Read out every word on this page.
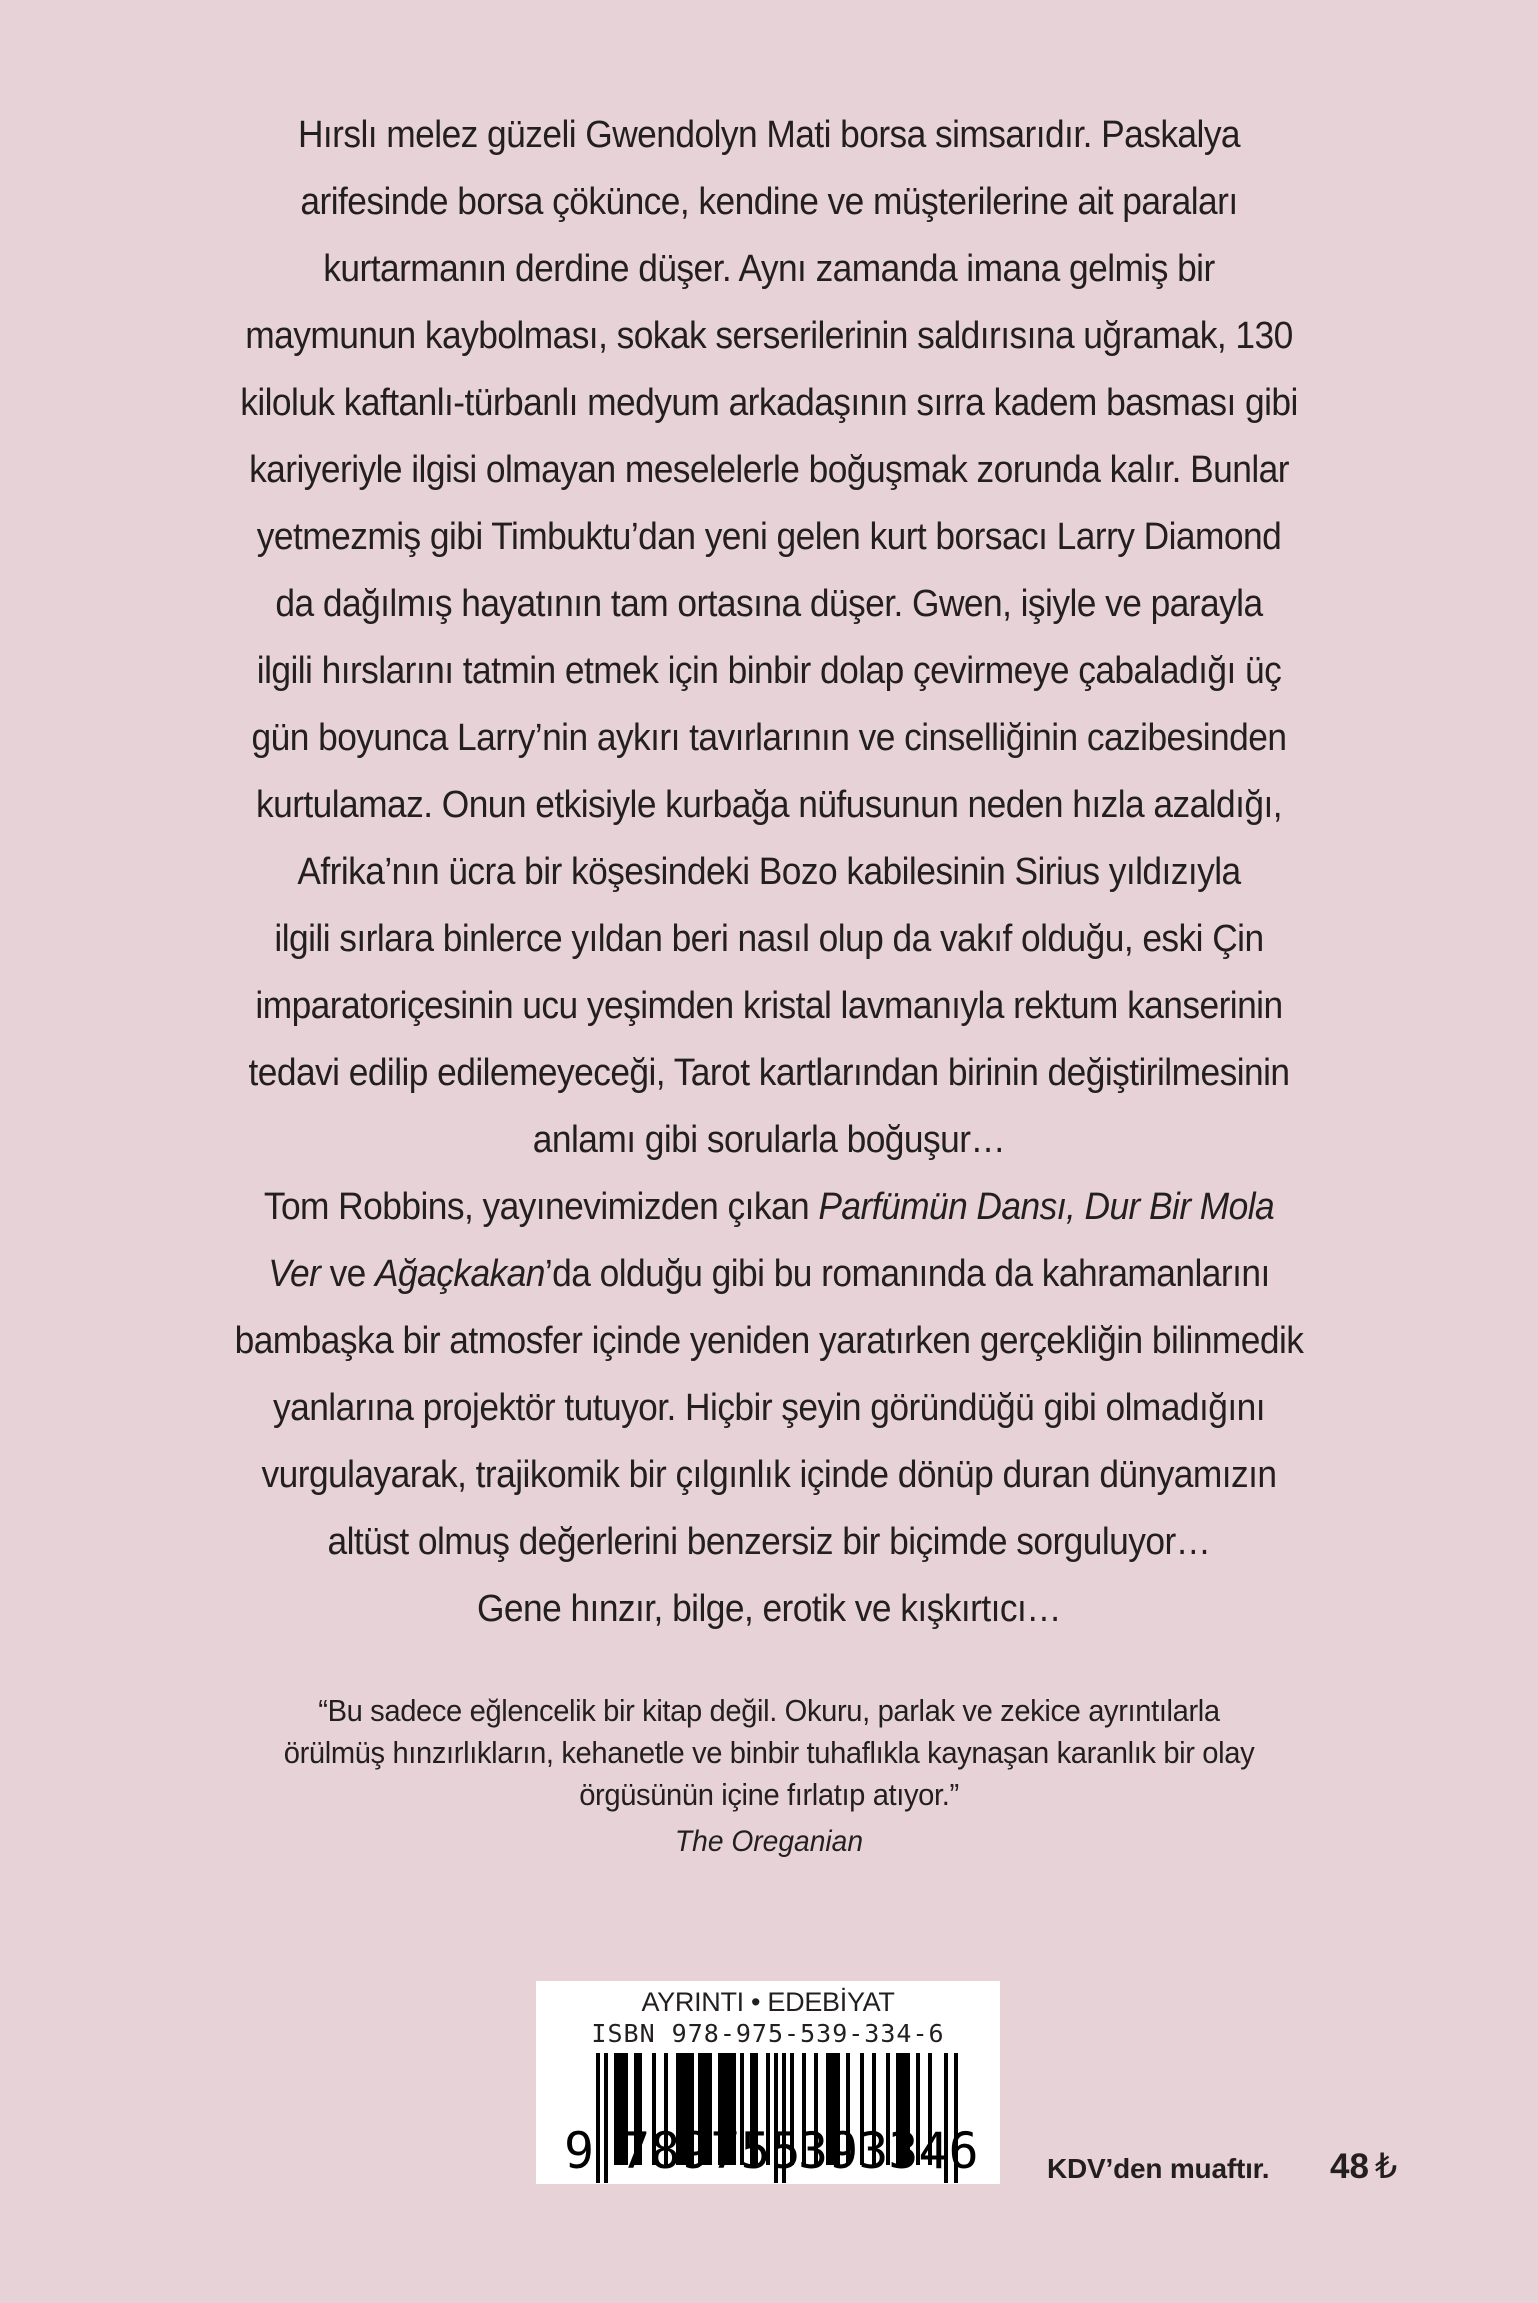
Hırslı melez güzeli Gwendolyn Mati borsa simsarıdır. Paskalya
arifesinde borsa çökünce, kendine ve müşterilerine ait paraları
kurtarmanın derdine düşer. Aynı zamanda imana gelmiş bir
maymunun kaybolması, sokak serserilerinin saldırısına uğramak, 130
kiloluk kaftanlı-türbanlı medyum arkadaşının sırra kadem basması gibi
kariyeriyle ilgisi olmayan meselelerle boğuşmak zorunda kalır. Bunlar
yetmezmiş gibi Timbuktu’dan yeni gelen kurt borsacı Larry Diamond
da dağılmış hayatının tam ortasına düşer. Gwen, işiyle ve parayla
ilgili hırslarını tatmin etmek için binbir dolap çevirmeye çabaladığı üç
gün boyunca Larry’nin aykırı tavırlarının ve cinselliğinin cazibesinden
kurtulamaz. Onun etkisiyle kurbağa nüfusunun neden hızla azaldığı,
Afrika’nın ücra bir köşesindeki Bozo kabilesinin Sirius yıldızıyla
ilgili sırlara binlerce yıldan beri nasıl olup da vakıf olduğu, eski Çin
imparatoriçesinin ucu yeşimden kristal lavmanıyla rektum kanserinin
tedavi edilip edilemeyeceği, Tarot kartlarından birinin değiştirilmesinin
anlamı gibi sorularla boğuşur…
Tom Robbins, yayınevimizden çıkan Parfümün Dansı, Dur Bir Mola
Ver ve Ağaçkakan’da olduğu gibi bu romanında da kahramanlarını
bambaşka bir atmosfer içinde yeniden yaratırken gerçekliğin bilinmedik
yanlarına projektör tutuyor. Hiçbir şeyin göründüğü gibi olmadığını
vurgulayarak, trajikomik bir çılgınlık içinde dönüp duran dünyamızın
altüst olmuş değerlerini benzersiz bir biçimde sorguluyor…
Gene hınzır, bilge, erotik ve kışkırtıcı…
“Bu sadece eğlencelik bir kitap değil. Okuru, parlak ve zekice ayrıntılarla
örülmüş hınzırlıkların, kehanetle ve binbir tuhaflıkla kaynaşan karanlık bir olay
örgüsünün içine fırlatıp atıyor.”
The Oreganian
AYRINTI • EDEBİYAT
ISBN 978-975-539-334-6
9 789755
393346 KDV’den muaftır. 48 ₺
